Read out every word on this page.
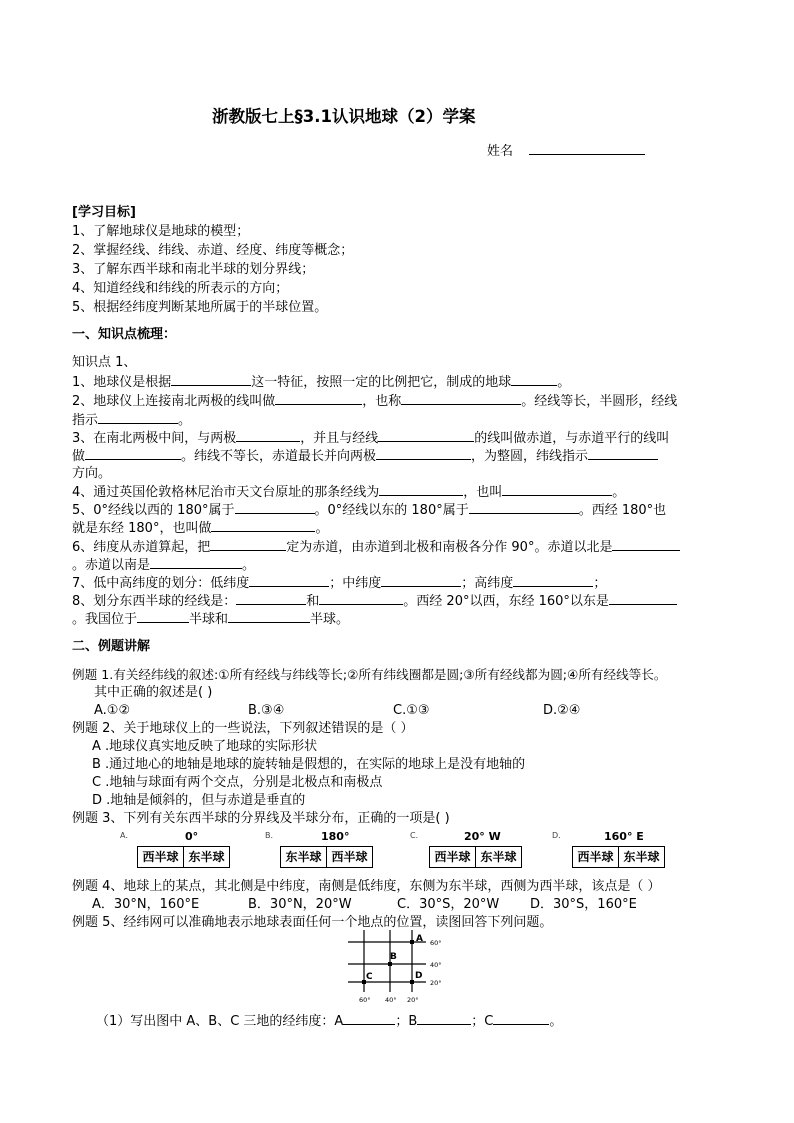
浙教版七上§3.1认识地球（2）学案
姓名
[学习目标]
1、了解地球仪是地球的模型；
2、掌握经线、纬线、赤道、经度、纬度等概念；
3、了解东西半球和南北半球的划分界线；
4、知道经线和纬线的所表示的方向；
5、根据经纬度判断某地所属于的半球位置。
一、知识点梳理：
知识点 1、
1、地球仪是根据	这一特征，按照一定的比例把它，制成的地球	。
2、地球仪上连接南北两极的线叫做	，也称	。经线等长，半圆形，经线
指示	。
3、在南北两极中间，与两极	，并且与经线	的线叫做赤道，与赤道平行的线叫
做	。纬线不等长，赤道最长并向两极	，为整圆，纬线指示
方向。
4、通过英国伦敦格林尼治市天文台原址的那条经线为	，也叫	。
5、0°经线以西的 180°属于	。0°经线以东的 180°属于	。西经 180°也
就是东经 180°，也叫做	。
6、纬度从赤道算起，把	定为赤道，由赤道到北极和南极各分作 90°。赤道以北是
。赤道以南是	。
7、低中高纬度的划分：低纬度	；中纬度	；高纬度	；
8、划分东西半球的经线是：	和	。西经 20°以西，东经 160°以东是
。我国位于	半球和	半球。
二、例题讲解
例题 1.有关经纬线的叙述:①所有经线与纬线等长;②所有纬线圈都是圆;③所有经线都为圆;④所有经线等长。
其中正确的叙述是( )
A.①②	B.③④	C.①③	D.②④
例题 2、关于地球仪上的一些说法，下列叙述错误的是（ ）
A .地球仪真实地反映了地球的实际形状
B .通过地心的地轴是地球的旋转轴是假想的，在实际的地球上是没有地轴的
C .地轴与球面有两个交点，分别是北极点和南极点
D .地轴是倾斜的，但与赤道是垂直的
例题 3、下列有关东西半球的分界线及半球分布，正确的一项是( )
A．	0°
西半球 东半球
B．	180°
东半球 西半球
C．	20° W
西半球 东半球
D．	160° E
西半球 东半球
例题 4、地球上的某点，其北侧是中纬度，南侧是低纬度，东侧为东半球，西侧为西半球，该点是（ ）
A．30°N，160°E	B．30°N，20°W	C．30°S，20°W D．30°S，160°E
例题 5、经纬网可以准确地表示地球表面任何一个地点的位置，读图回答下列问题。
A
B
C	D
60°
40°
20°
60° 40° 20°
（1）写出图中 A、B、C 三地的经纬度：A	；B	；C	。
